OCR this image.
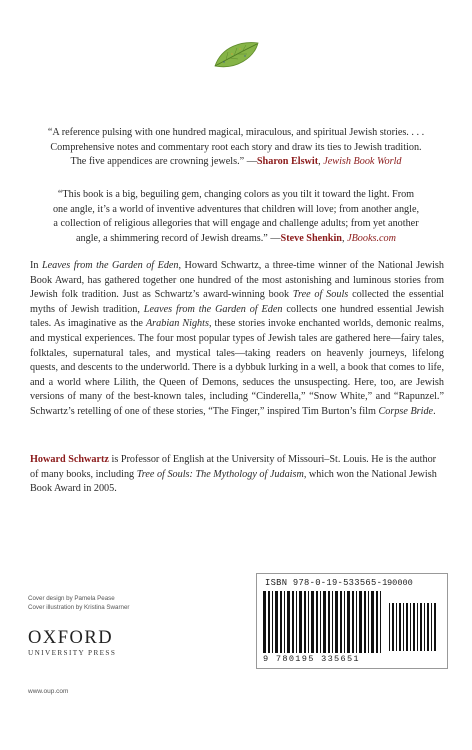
“A reference pulsing with one hundred magical, miraculous, and spiritual Jewish stories. . . .
Comprehensive notes and commentary root each story and draw its ties to Jewish tradition.
The five appendices are crowning jewels.” —Sharon Elswit, Jewish Book World
“This book is a big, beguiling gem, changing colors as you tilt it toward the light. From
one angle, it’s a world of inventive adventures that children will love; from another angle,
a collection of religious allegories that will engage and challenge adults; from yet another
angle, a shimmering record of Jewish dreams.” —Steve Shenkin, JBooks.com
In Leaves from the Garden of Eden, Howard Schwartz, a three-time winner of the National Jewish Book Award, has gathered together one hundred of the most astonishing and luminous stories from Jewish folk tradition. Just as Schwartz’s award-winning book Tree of Souls collected the essential myths of Jewish tradition, Leaves from the Garden of Eden collects one hundred essential Jewish tales. As imaginative as the Arabian Nights, these stories invoke enchanted worlds, demonic realms, and mystical experiences. The four most popular types of Jewish tales are gathered here—fairy tales, folktales, supernatural tales, and mystical tales—taking readers on heavenly journeys, lifelong quests, and descents to the underworld. There is a dybbuk lurking in a well, a book that comes to life, and a world where Lilith, the Queen of Demons, seduces the unsuspecting. Here, too, are Jewish versions of many of the best-known tales, including “Cinderella,” “Snow White,” and “Rapunzel.” Schwartz’s retelling of one of these stories, “The Finger,” inspired Tim Burton’s film Corpse Bride.
Howard Schwartz is Professor of English at the University of Missouri–St. Louis. He is the author of many books, including Tree of Souls: The Mythology of Judaism, which won the National Jewish Book Award in 2005.
Cover design by Pamela Pease
Cover illustration by Kristina Swarner
OXFORD
UNIVERSITY PRESS
www.oup.com
ISBN 978-0-19-533565-1
9 780195 335651
90000
